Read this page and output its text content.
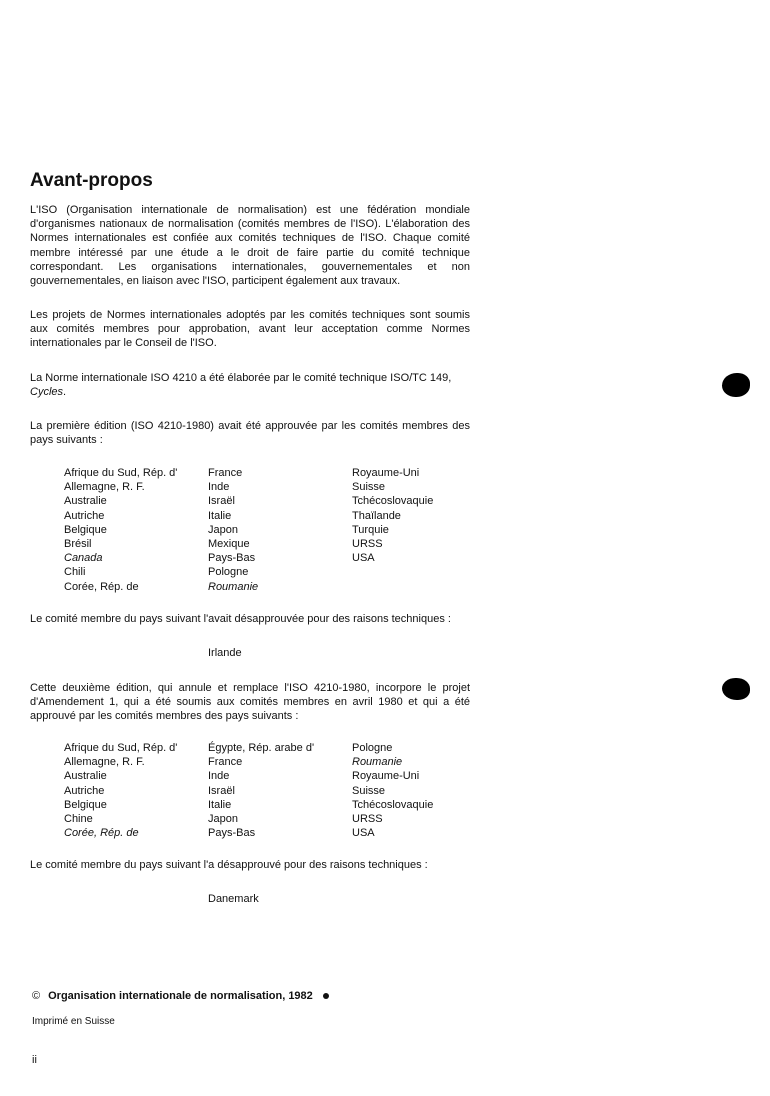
Avant-propos

L'ISO (Organisation internationale de normalisation) est une fédération mondiale d'organismes nationaux de normalisation (comités membres de l'ISO). L'élaboration des Normes internationales est confiée aux comités techniques de l'ISO. Chaque comité membre intéressé par une étude a le droit de faire partie du comité technique correspondant. Les organisations internationales, gouvernementales et non gouvernementales, en liaison avec l'ISO, participent également aux travaux.

Les projets de Normes internationales adoptés par les comités techniques sont soumis aux comités membres pour approbation, avant leur acceptation comme Normes internationales par le Conseil de l'ISO.

La Norme internationale ISO 4210 a été élaborée par le comité technique ISO/TC 149,
Cycles.

La première édition (ISO 4210-1980) avait été approuvée par les comités membres des pays suivants :

Afrique du Sud, Rép. d'
Allemagne, R. F.
Australie
Autriche
Belgique
Brésil
Canada
Chili
Corée, Rép. de
France
Inde
Israël
Italie
Japon
Mexique
Pays-Bas
Pologne
Roumanie
Royaume-Uni
Suisse
Tchécoslovaquie
Thaïlande
Turquie
URSS
USA

Le comité membre du pays suivant l'avait désapprouvée pour des raisons techniques :

Irlande

Cette deuxième édition, qui annule et remplace l'ISO 4210-1980, incorpore le projet d'Amendement 1, qui a été soumis aux comités membres en avril 1980 et qui a été approuvé par les comités membres des pays suivants :

Afrique du Sud, Rép. d'
Allemagne, R. F.
Australie
Autriche
Belgique
Chine
Corée, Rép. de
Égypte, Rép. arabe d'
France
Inde
Israël
Italie
Japon
Pays-Bas
Pologne
Roumanie
Royaume-Uni
Suisse
Tchécoslovaquie
URSS
USA

Le comité membre du pays suivant l'a désapprouvé pour des raisons techniques :

Danemark
© Organisation internationale de normalisation, 1982
Imprimé en Suisse
ii
